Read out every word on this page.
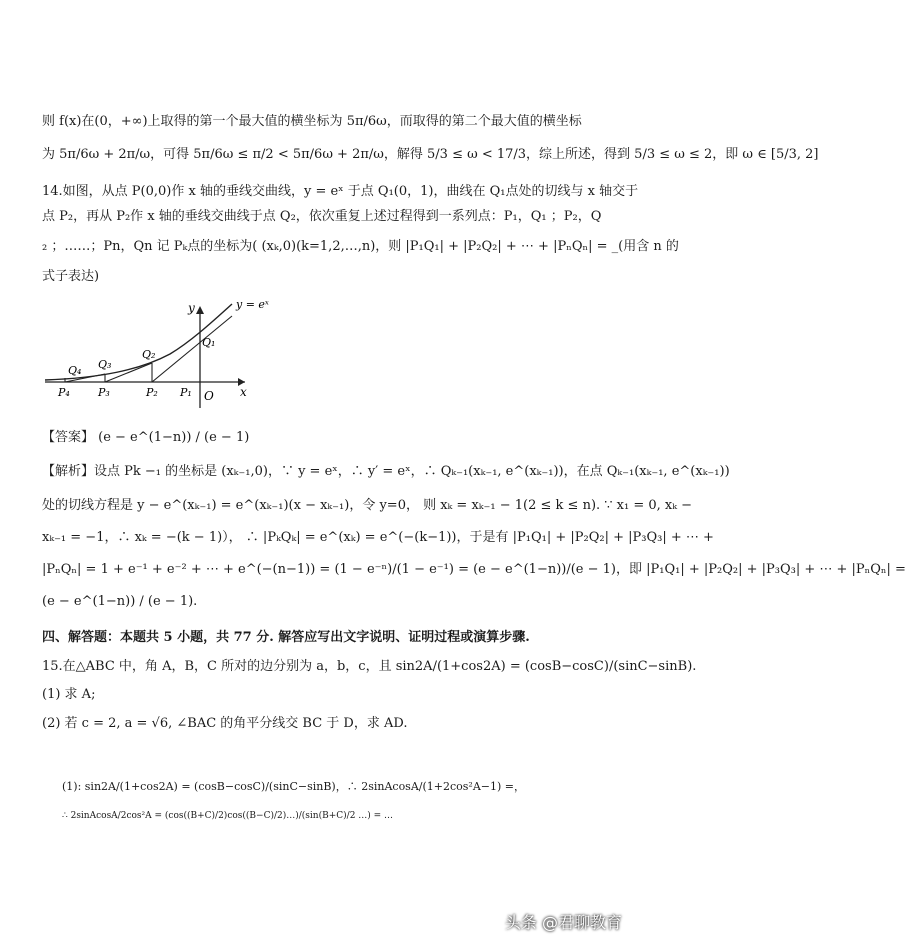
则 f(x)在(0，+∞)上取得的第一个最大值的横坐标为 5π/6ω，而取得的第二个最大值的横坐标
为 5π/6ω + 2π/ω，可得 5π/6ω ≤ π/2 < 5π/6ω + 2π/ω，解得 5/3 ≤ ω < 17/3，综上所述，得到 5/3 ≤ ω ≤ 2，即 ω ∈ [5/3, 2]
14.如图，从点 P(0,0)作 x 轴的垂线交曲线，y = eˣ 于点 Q₁(0，1)，曲线在 Q₁点处的切线与 x 轴交于
点 P₂，再从 P₂作 x 轴的垂线交曲线于点 Q₂，依次重复上述过程得到一系列点：P₁，Q₁ ；P₂，Q
₂ ；……；Pn，Qn 记 Pₖ点的坐标为( (xₖ,0)(k=1,2,…,n)，则 |P₁Q₁| + |P₂Q₂| + ⋯ + |PₙQₙ| = _(用含 n 的
式子表达)
y = eˣ
x
y
O
Q₄ Q₃
Q₂
Q₁
P₄	P₃	P₂ P₁
【答案】 (e − e^(1−n)) / (e − 1)
【解析】设点 Pk −₁ 的坐标是 (xₖ₋₁,0)，∵ y = eˣ，∴ y′ = eˣ，∴ Qₖ₋₁(xₖ₋₁, e^(xₖ₋₁))，在点 Qₖ₋₁(xₖ₋₁, e^(xₖ₋₁))
处的切线方程是 y − e^(xₖ₋₁) = e^(xₖ₋₁)(x − xₖ₋₁)，令 y=0， 则 xₖ = xₖ₋₁ − 1(2 ≤ k ≤ n). ∵ x₁ = 0, xₖ −
xₖ₋₁ = −1，∴ xₖ = −(k − 1)）， ∴ |PₖQₖ| = e^(xₖ) = e^(−(k−1))，于是有 |P₁Q₁| + |P₂Q₂| + |P₃Q₃| + ⋯ +
|PₙQₙ| = 1 + e⁻¹ + e⁻² + ⋯ + e^(−(n−1)) = (1 − e⁻ⁿ)/(1 − e⁻¹) = (e − e^(1−n))/(e − 1)，即 |P₁Q₁| + |P₂Q₂| + |P₃Q₃| + ⋯ + |PₙQₙ| =
(e − e^(1−n)) / (e − 1).
四、解答题：本题共 5 小题，共 77 分. 解答应写出文字说明、证明过程或演算步骤.
15.在△ABC 中，角 A，B，C 所对的边分别为 a，b，c，且 sin2A/(1+cos2A) = (cosB−cosC)/(sinC−sinB).
(1) 求 A;
(2) 若 c = 2, a = √6, ∠BAC 的角平分线交 BC 于 D，求 AD.
(1): sin2A/(1+cos2A) = (cosB−cosC)/(sinC−sinB)，∴ 2sinAcosA/(1+2cos²A−1) =，
∴ 2sinAcosA/2cos²A = (cos((B+C)/2)cos((B−C)/2)…)/(sin(B+C)/2 …) = …
头条 @君聊教育
